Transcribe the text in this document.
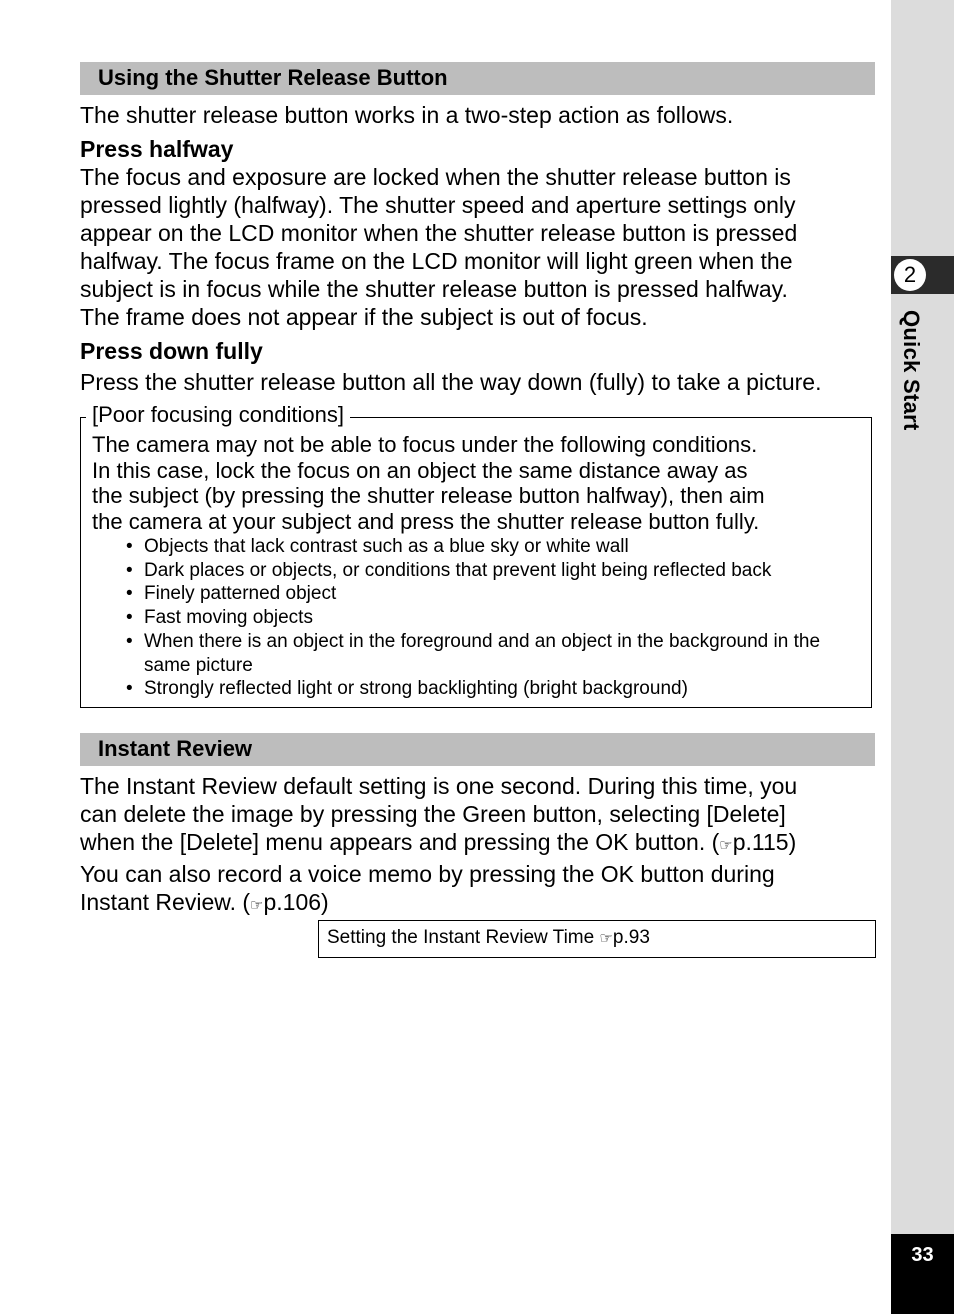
2
Quick Start
33
Using the Shutter Release Button

The shutter release button works in a two-step action as follows.

Press halfway

The focus and exposure are locked when the shutter release button is
pressed lightly (halfway). The shutter speed and aperture settings only
appear on the LCD monitor when the shutter release button is pressed
halfway. The focus frame on the LCD monitor will light green when the
subject is in focus while the shutter release button is pressed halfway.
The frame does not appear if the subject is out of focus.

Press down fully

Press the shutter release button all the way down (fully) to take a picture.

[Poor focusing conditions]
The camera may not be able to focus under the following conditions.
In this case, lock the focus on an object the same distance away as
the subject (by pressing the shutter release button halfway), then aim
the camera at your subject and press the shutter release button fully.
• Objects that lack contrast such as a blue sky or white wall
• Dark places or objects, or conditions that prevent light being reflected back
• Finely patterned object
• Fast moving objects
• When there is an object in the foreground and an object in the background in the same picture
• Strongly reflected light or strong backlighting (bright background)
Instant Review
The Instant Review default setting is one second. During this time, you
can delete the image by pressing the Green button, selecting [Delete]
when the [Delete] menu appears and pressing the OK button. (☞p.115)
You can also record a voice memo by pressing the OK button during
Instant Review. (☞p.106)
Setting the Instant Review Time ☞p.93
